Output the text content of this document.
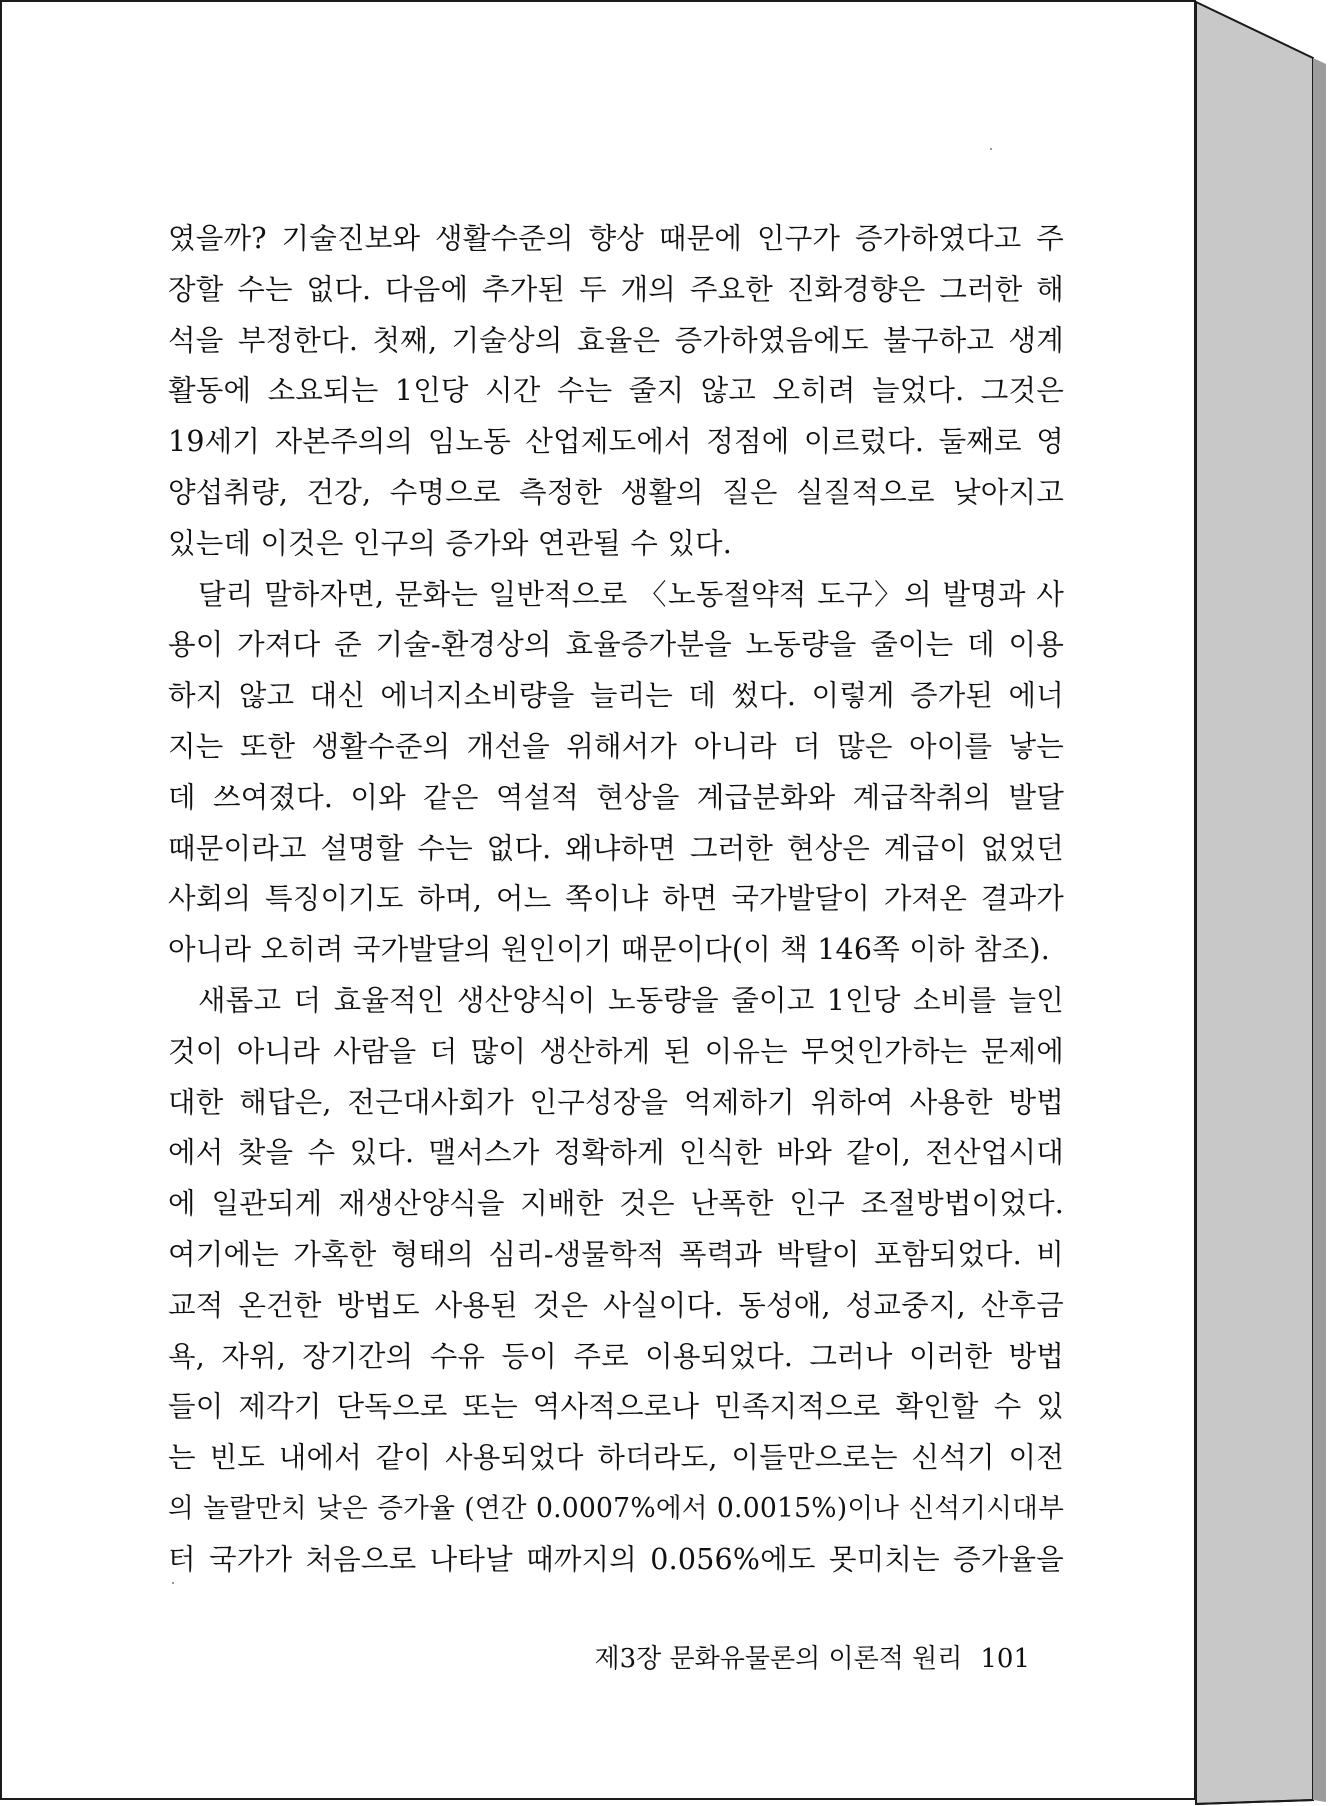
였을까? 기술진보와 생활수준의 향상 때문에 인구가 증가하였다고 주
장할 수는 없다. 다음에 추가된 두 개의 주요한 진화경향은 그러한 해
석을 부정한다. 첫째, 기술상의 효율은 증가하였음에도 불구하고 생계
활동에 소요되는 1인당 시간 수는 줄지 않고 오히려 늘었다. 그것은
19세기 자본주의의 임노동 산업제도에서 정점에 이르렀다. 둘째로 영
양섭취량, 건강, 수명으로 측정한 생활의 질은 실질적으로 낮아지고
있는데 이것은 인구의 증가와 연관될 수 있다.

달리 말하자면, 문화는 일반적으로 〈노동절약적 도구〉의 발명과 사
용이 가져다 준 기술-환경상의 효율증가분을 노동량을 줄이는 데 이용
하지 않고 대신 에너지소비량을 늘리는 데 썼다. 이렇게 증가된 에너
지는 또한 생활수준의 개선을 위해서가 아니라 더 많은 아이를 낳는
데 쓰여졌다. 이와 같은 역설적 현상을 계급분화와 계급착취의 발달
때문이라고 설명할 수는 없다. 왜냐하면 그러한 현상은 계급이 없었던
사회의 특징이기도 하며, 어느 쪽이냐 하면 국가발달이 가져온 결과가
아니라 오히려 국가발달의 원인이기 때문이다(이 책 146쪽 이하 참조).

새롭고 더 효율적인 생산양식이 노동량을 줄이고 1인당 소비를 늘인
것이 아니라 사람을 더 많이 생산하게 된 이유는 무엇인가하는 문제에
대한 해답은, 전근대사회가 인구성장을 억제하기 위하여 사용한 방법
에서 찾을 수 있다. 맬서스가 정확하게 인식한 바와 같이, 전산업시대
에 일관되게 재생산양식을 지배한 것은 난폭한 인구 조절방법이었다.
여기에는 가혹한 형태의 심리-생물학적 폭력과 박탈이 포함되었다. 비
교적 온건한 방법도 사용된 것은 사실이다. 동성애, 성교중지, 산후금
욕, 자위, 장기간의 수유 등이 주로 이용되었다. 그러나 이러한 방법
들이 제각기 단독으로 또는 역사적으로나 민족지적으로 확인할 수 있
는 빈도 내에서 같이 사용되었다 하더라도, 이들만으로는 신석기 이전
의 놀랄만치 낮은 증가율 (연간 0.0007%에서 0.0015%)이나 신석기시대부
터 국가가 처음으로 나타날 때까지의 0.056%에도 못미치는 증가율을

제3장 문화유물론의 이론적 원리 101
